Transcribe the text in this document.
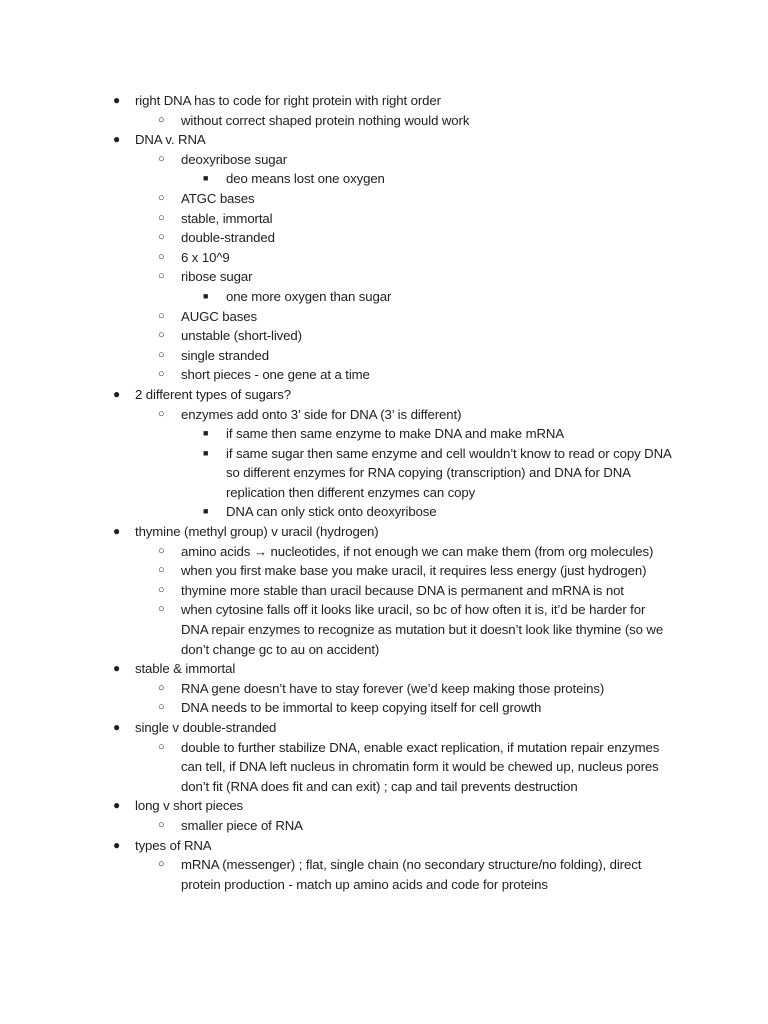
● right DNA has to code for right protein with right order
○ without correct shaped protein nothing would work
● DNA v. RNA
○ deoxyribose sugar
■ deo means lost one oxygen
○ ATGC bases
○ stable, immortal
○ double-stranded
○ 6 x 10^9
○ ribose sugar
■ one more oxygen than sugar
○ AUGC bases
○ unstable (short-lived)
○ single stranded
○ short pieces - one gene at a time
● 2 different types of sugars?
○ enzymes add onto 3’ side for DNA (3’ is different)
■ if same then same enzyme to make DNA and make mRNA
■ if same sugar then same enzyme and cell wouldn’t know to read or copy DNA
so different enzymes for RNA copying (transcription) and DNA for DNA
replication then different enzymes can copy
■ DNA can only stick onto deoxyribose
● thymine (methyl group) v uracil (hydrogen)
○ amino acids → nucleotides, if not enough we can make them (from org molecules)
○ when you first make base you make uracil, it requires less energy (just hydrogen)
○ thymine more stable than uracil because DNA is permanent and mRNA is not
○ when cytosine falls off it looks like uracil, so bc of how often it is, it’d be harder for
DNA repair enzymes to recognize as mutation but it doesn’t look like thymine (so we
don’t change gc to au on accident)
● stable & immortal
○ RNA gene doesn’t have to stay forever (we’d keep making those proteins)
○ DNA needs to be immortal to keep copying itself for cell growth
● single v double-stranded
○ double to further stabilize DNA, enable exact replication, if mutation repair enzymes
can tell, if DNA left nucleus in chromatin form it would be chewed up, nucleus pores
don’t fit (RNA does fit and can exit) ; cap and tail prevents destruction
● long v short pieces
○ smaller piece of RNA
● types of RNA
○ mRNA (messenger) ; flat, single chain (no secondary structure/no folding), direct
protein production - match up amino acids and code for proteins
